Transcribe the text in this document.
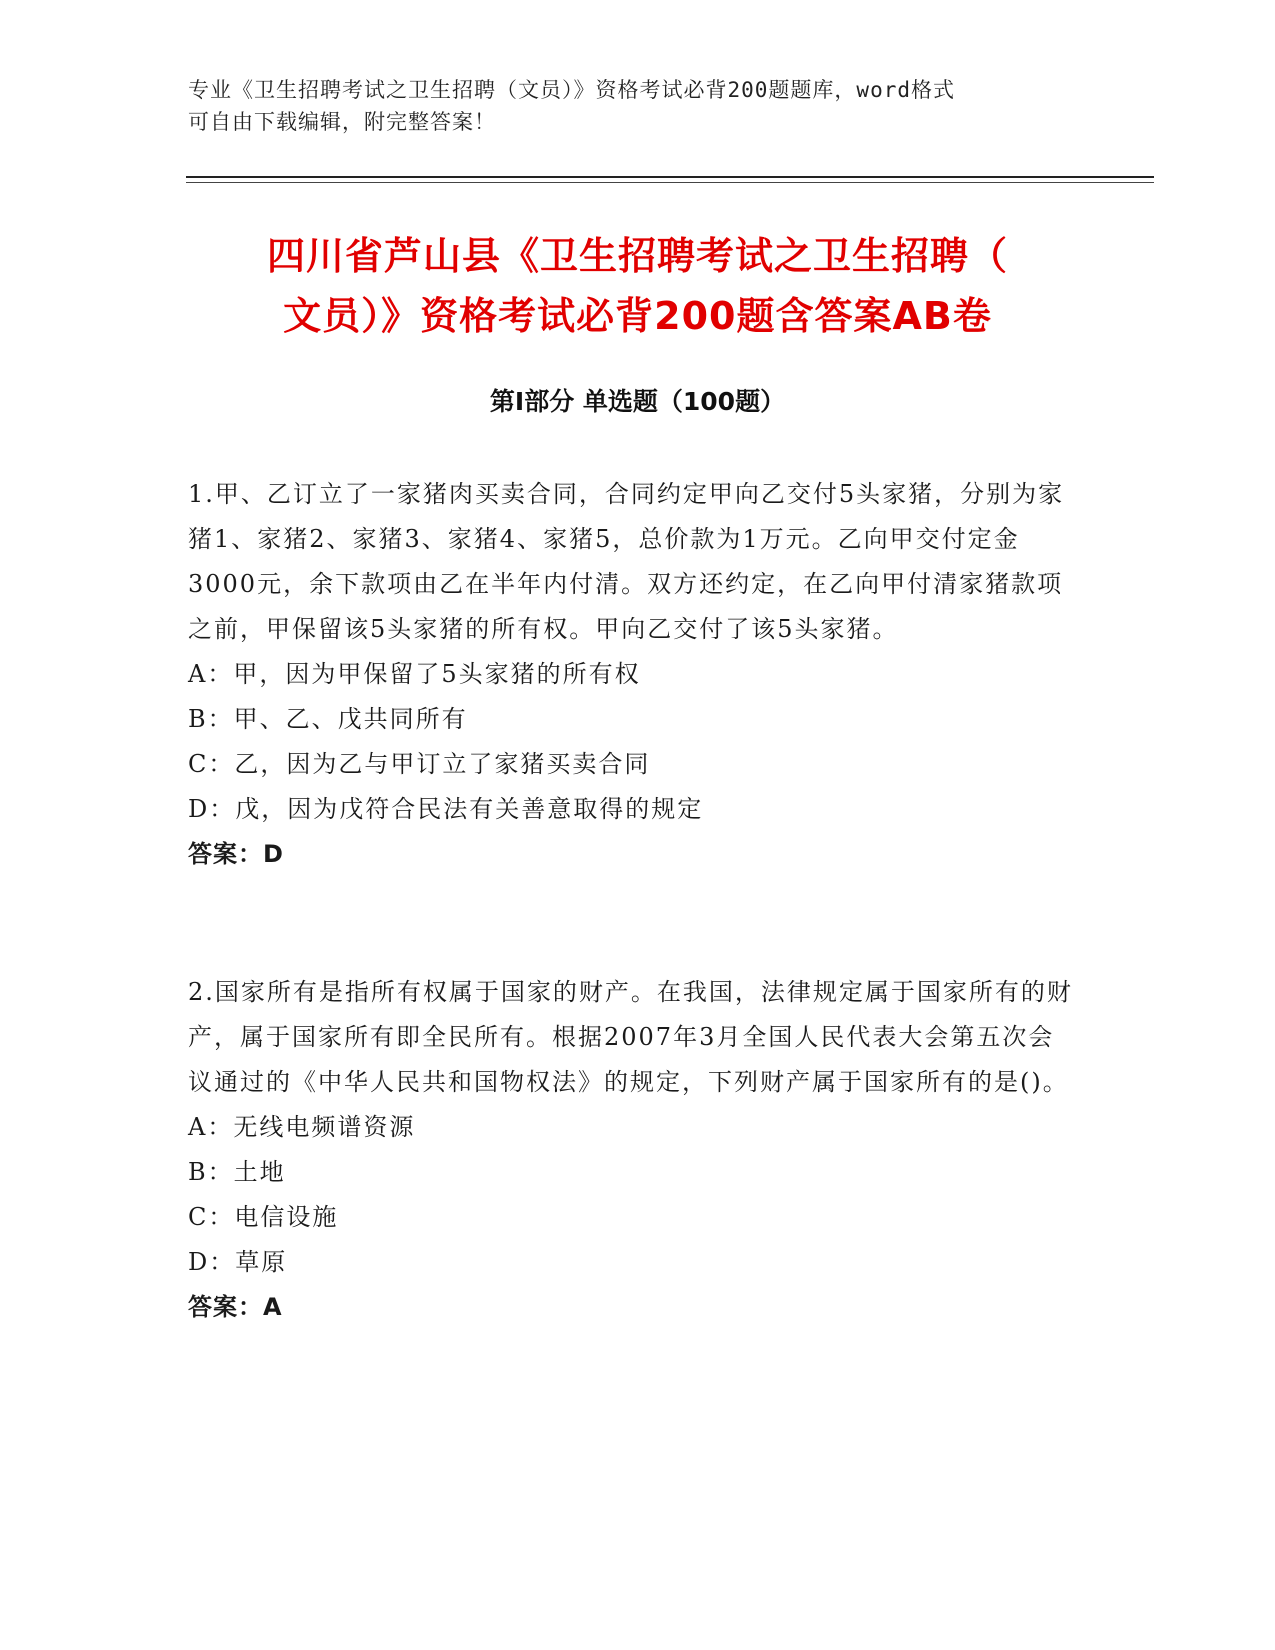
专业《卫生招聘考试之卫生招聘（文员）》资格考试必背200题题库，word格式
可自由下载编辑，附完整答案！
四川省芦山县《卫生招聘考试之卫生招聘（
文员）》资格考试必背200题含答案AB卷
第Ⅰ部分 单选题（100题）

1.甲、乙订立了一家猪肉买卖合同，合同约定甲向乙交付5头家猪，分别为家猪1、家猪2、家猪3、家猪4、家猪5，总价款为1万元。乙向甲交付定金3000元，余下款项由乙在半年内付清。双方还约定，在乙向甲付清家猪款项之前，甲保留该5头家猪的所有权。甲向乙交付了该5头家猪。

A：甲，因为甲保留了5头家猪的所有权

B：甲、乙、戊共同所有

C：乙，因为乙与甲订立了家猪买卖合同

D：戊，因为戊符合民法有关善意取得的规定

答案：D

2.国家所有是指所有权属于国家的财产。在我国，法律规定属于国家所有的财产，属于国家所有即全民所有。根据2007年3月全国人民代表大会第五次会议通过的《中华人民共和国物权法》的规定，下列财产属于国家所有的是()。

A：无线电频谱资源

B：土地

C：电信设施

D：草原

答案：A
